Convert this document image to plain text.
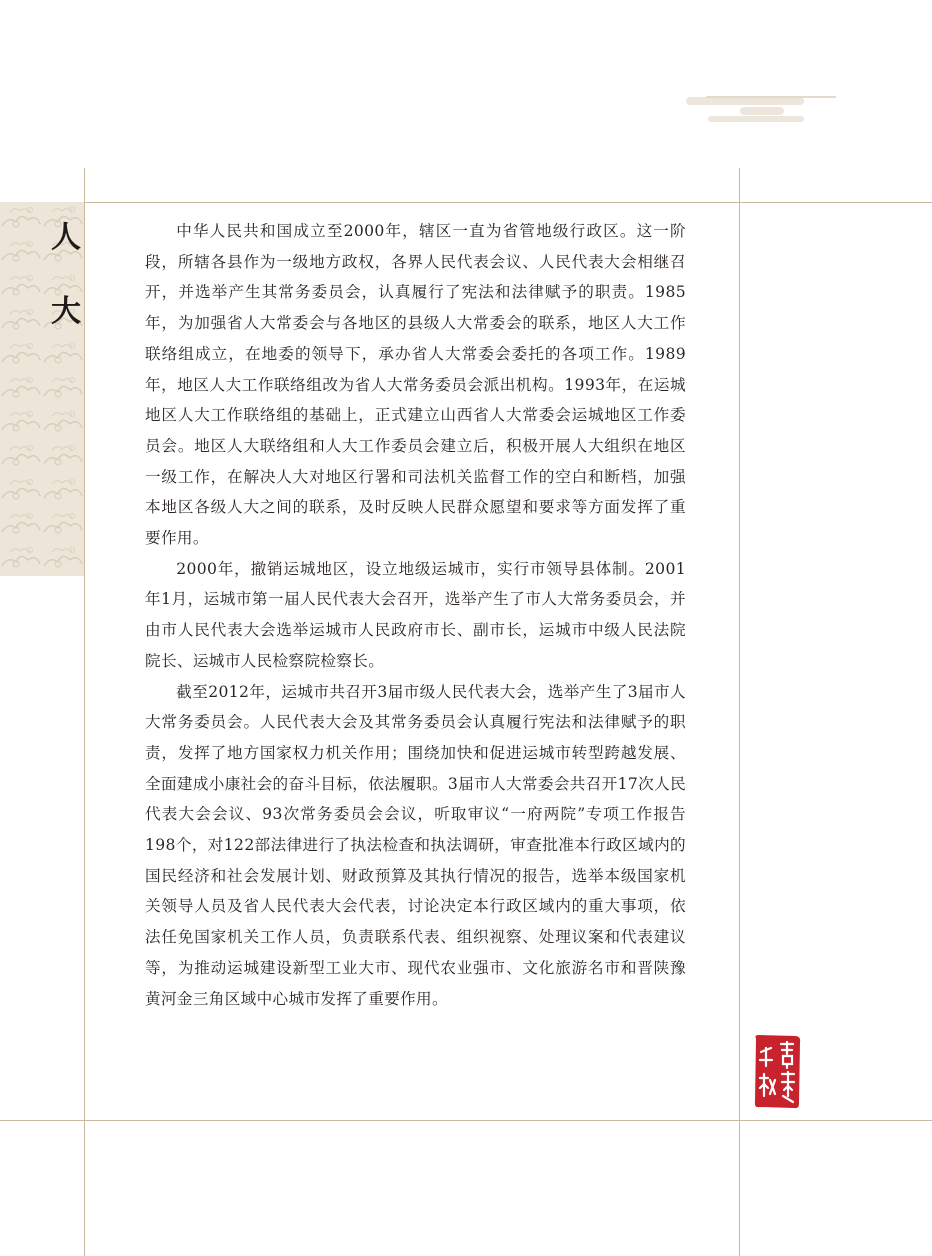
人
大

中华人民共和国成立至2000年，辖区一直为省管地级行政区。这一阶段，所辖各县作为一级地方政权，各界人民代表会议、人民代表大会相继召开，并选举产生其常务委员会，认真履行了宪法和法律赋予的职责。1985年，为加强省人大常委会与各地区的县级人大常委会的联系，地区人大工作联络组成立，在地委的领导下，承办省人大常委会委托的各项工作。1989年，地区人大工作联络组改为省人大常务委员会派出机构。1993年，在运城地区人大工作联络组的基础上，正式建立山西省人大常委会运城地区工作委员会。地区人大联络组和人大工作委员会建立后，积极开展人大组织在地区一级工作，在解决人大对地区行署和司法机关监督工作的空白和断档，加强本地区各级人大之间的联系，及时反映人民群众愿望和要求等方面发挥了重要作用。

2000年，撤销运城地区，设立地级运城市，实行市领导县体制。2001年1月，运城市第一届人民代表大会召开，选举产生了市人大常务委员会，并由市人民代表大会选举运城市人民政府市长、副市长，运城市中级人民法院院长、运城市人民检察院检察长。

截至2012年，运城市共召开3届市级人民代表大会，选举产生了3届市人大常务委员会。人民代表大会及其常务委员会认真履行宪法和法律赋予的职责，发挥了地方国家权力机关作用；围绕加快和促进运城市转型跨越发展、全面建成小康社会的奋斗目标，依法履职。3届市人大常委会共召开17次人民代表大会会议、93次常务委员会会议，听取审议“一府两院”专项工作报告198个，对122部法律进行了执法检查和执法调研，审查批准本行政区域内的国民经济和社会发展计划、财政预算及其执行情况的报告，选举本级国家机关领导人员及省人民代表大会代表，讨论决定本行政区域内的重大事项，依法任免国家机关工作人员，负责联系代表、组织视察、处理议案和代表建议等，为推动运城建设新型工业大市、现代农业强市、文化旅游名市和晋陕豫黄河金三角区域中心城市发挥了重要作用。
